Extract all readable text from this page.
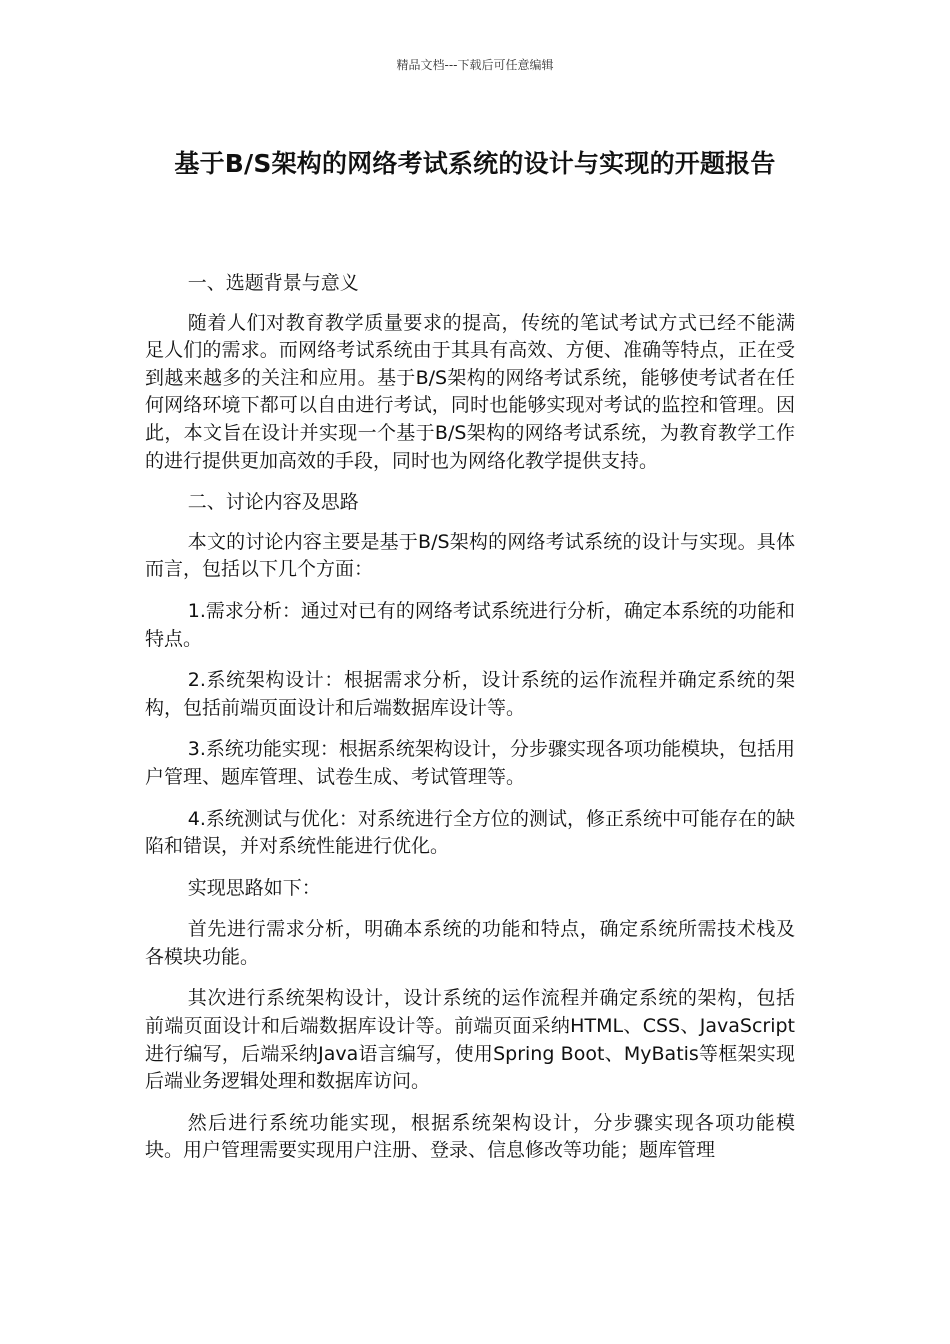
精品文档---下载后可任意编辑
基于B/S架构的网络考试系统的设计与实现的开题报告

一、选题背景与意义

随着人们对教育教学质量要求的提高，传统的笔试考试方式已经不能满足人们的需求。而网络考试系统由于其具有高效、方便、准确等特点，正在受到越来越多的关注和应用。基于B/S架构的网络考试系统，能够使考试者在任何网络环境下都可以自由进行考试，同时也能够实现对考试的监控和管理。因此，本文旨在设计并实现一个基于B/S架构的网络考试系统，为教育教学工作的进行提供更加高效的手段，同时也为网络化教学提供支持。

二、讨论内容及思路

本文的讨论内容主要是基于B/S架构的网络考试系统的设计与实现。具体而言，包括以下几个方面：

1.需求分析：通过对已有的网络考试系统进行分析，确定本系统的功能和特点。

2.系统架构设计：根据需求分析，设计系统的运作流程并确定系统的架构，包括前端页面设计和后端数据库设计等。

3.系统功能实现：根据系统架构设计，分步骤实现各项功能模块，包括用户管理、题库管理、试卷生成、考试管理等。

4.系统测试与优化：对系统进行全方位的测试，修正系统中可能存在的缺陷和错误，并对系统性能进行优化。

实现思路如下：

首先进行需求分析，明确本系统的功能和特点，确定系统所需技术栈及各模块功能。

其次进行系统架构设计，设计系统的运作流程并确定系统的架构，包括前端页面设计和后端数据库设计等。前端页面采纳HTML、CSS、JavaScript进行编写，后端采纳Java语言编写，使用Spring Boot、MyBatis等框架实现后端业务逻辑处理和数据库访问。

然后进行系统功能实现，根据系统架构设计，分步骤实现各项功能模块。用户管理需要实现用户注册、登录、信息修改等功能；题库管理
